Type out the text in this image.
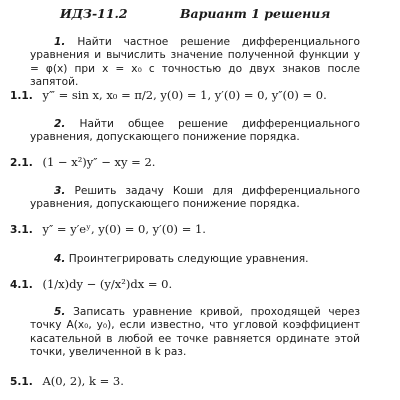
ИДЗ-11.2	Вариант 1 решения
1. Найти частное решение дифференциального уравнения и вычислить значение полученной функции y = φ(x) при x = x₀ с точностью до двух знаков после запятой.
1.1. y‴ = sin x, x₀ = π/2, y(0) = 1, y′(0) = 0, y″(0) = 0.
2. Найти общее решение дифференциального уравнения, допускающего понижение порядка.
2.1. (1 − x²)y″ − xy = 2.
3. Решить задачу Коши для дифференциального уравнения, допускающего понижение порядка.
3.1. y″ = y′eʸ, y(0) = 0, y′(0) = 1.
4. Проинтегрировать следующие уравнения.
4.1. (1/x)dy − (y/x²)dx = 0.
5. Записать уравнение кривой, проходящей через точку A(x₀, y₀), если известно, что угловой коэффициент касательной в любой ее точке равняется ординате этой точки, увеличенной в k раз.
5.1. A(0, 2), k = 3.
